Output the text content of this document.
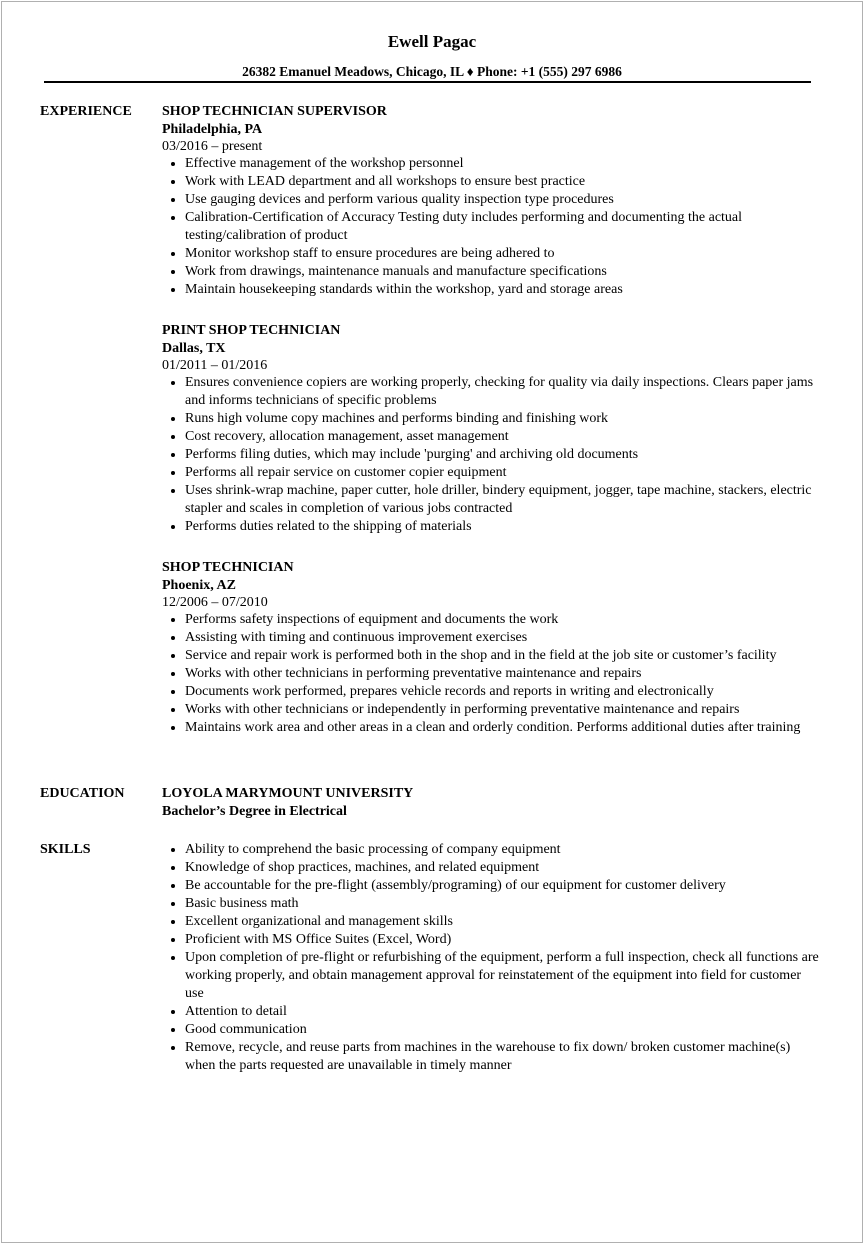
Ewell Pagac
26382 Emanuel Meadows, Chicago, IL ♦ Phone: +1 (555) 297 6986
EXPERIENCE SHOP TECHNICIAN SUPERVISOR
Philadelphia, PA
03/2016 – present
Effective management of the workshop personnel
Work with LEAD department and all workshops to ensure best practice
Use gauging devices and perform various quality inspection type procedures
Calibration-Certification of Accuracy Testing duty includes performing and documenting the actual testing/calibration of product
Monitor workshop staff to ensure procedures are being adhered to
Work from drawings, maintenance manuals and manufacture specifications
Maintain housekeeping standards within the workshop, yard and storage areas
PRINT SHOP TECHNICIAN
Dallas, TX
01/2011 – 01/2016
Ensures convenience copiers are working properly, checking for quality via daily inspections. Clears paper jams and informs technicians of specific problems
Runs high volume copy machines and performs binding and finishing work
Cost recovery, allocation management, asset management
Performs filing duties, which may include 'purging' and archiving old documents
Performs all repair service on customer copier equipment
Uses shrink-wrap machine, paper cutter, hole driller, bindery equipment, jogger, tape machine, stackers, electric stapler and scales in completion of various jobs contracted
Performs duties related to the shipping of materials
SHOP TECHNICIAN
Phoenix, AZ
12/2006 – 07/2010
Performs safety inspections of equipment and documents the work
Assisting with timing and continuous improvement exercises
Service and repair work is performed both in the shop and in the field at the job site or customer’s facility
Works with other technicians in performing preventative maintenance and repairs
Documents work performed, prepares vehicle records and reports in writing and electronically
Works with other technicians or independently in performing preventative maintenance and repairs
Maintains work area and other areas in a clean and orderly condition. Performs additional duties after training
EDUCATION	LOYOLA MARYMOUNT UNIVERSITY
Bachelor’s Degree in Electrical
SKILLS	Ability to comprehend the basic processing of company equipment
Knowledge of shop practices, machines, and related equipment
Be accountable for the pre-flight (assembly/programing) of our equipment for customer delivery
Basic business math
Excellent organizational and management skills
Proficient with MS Office Suites (Excel, Word)
Upon completion of pre-flight or refurbishing of the equipment, perform a full inspection, check all functions are working properly, and obtain management approval for reinstatement of the equipment into field for customer use
Attention to detail
Good communication
Remove, recycle, and reuse parts from machines in the warehouse to fix down/ broken customer machine(s) when the parts requested are unavailable in timely manner
